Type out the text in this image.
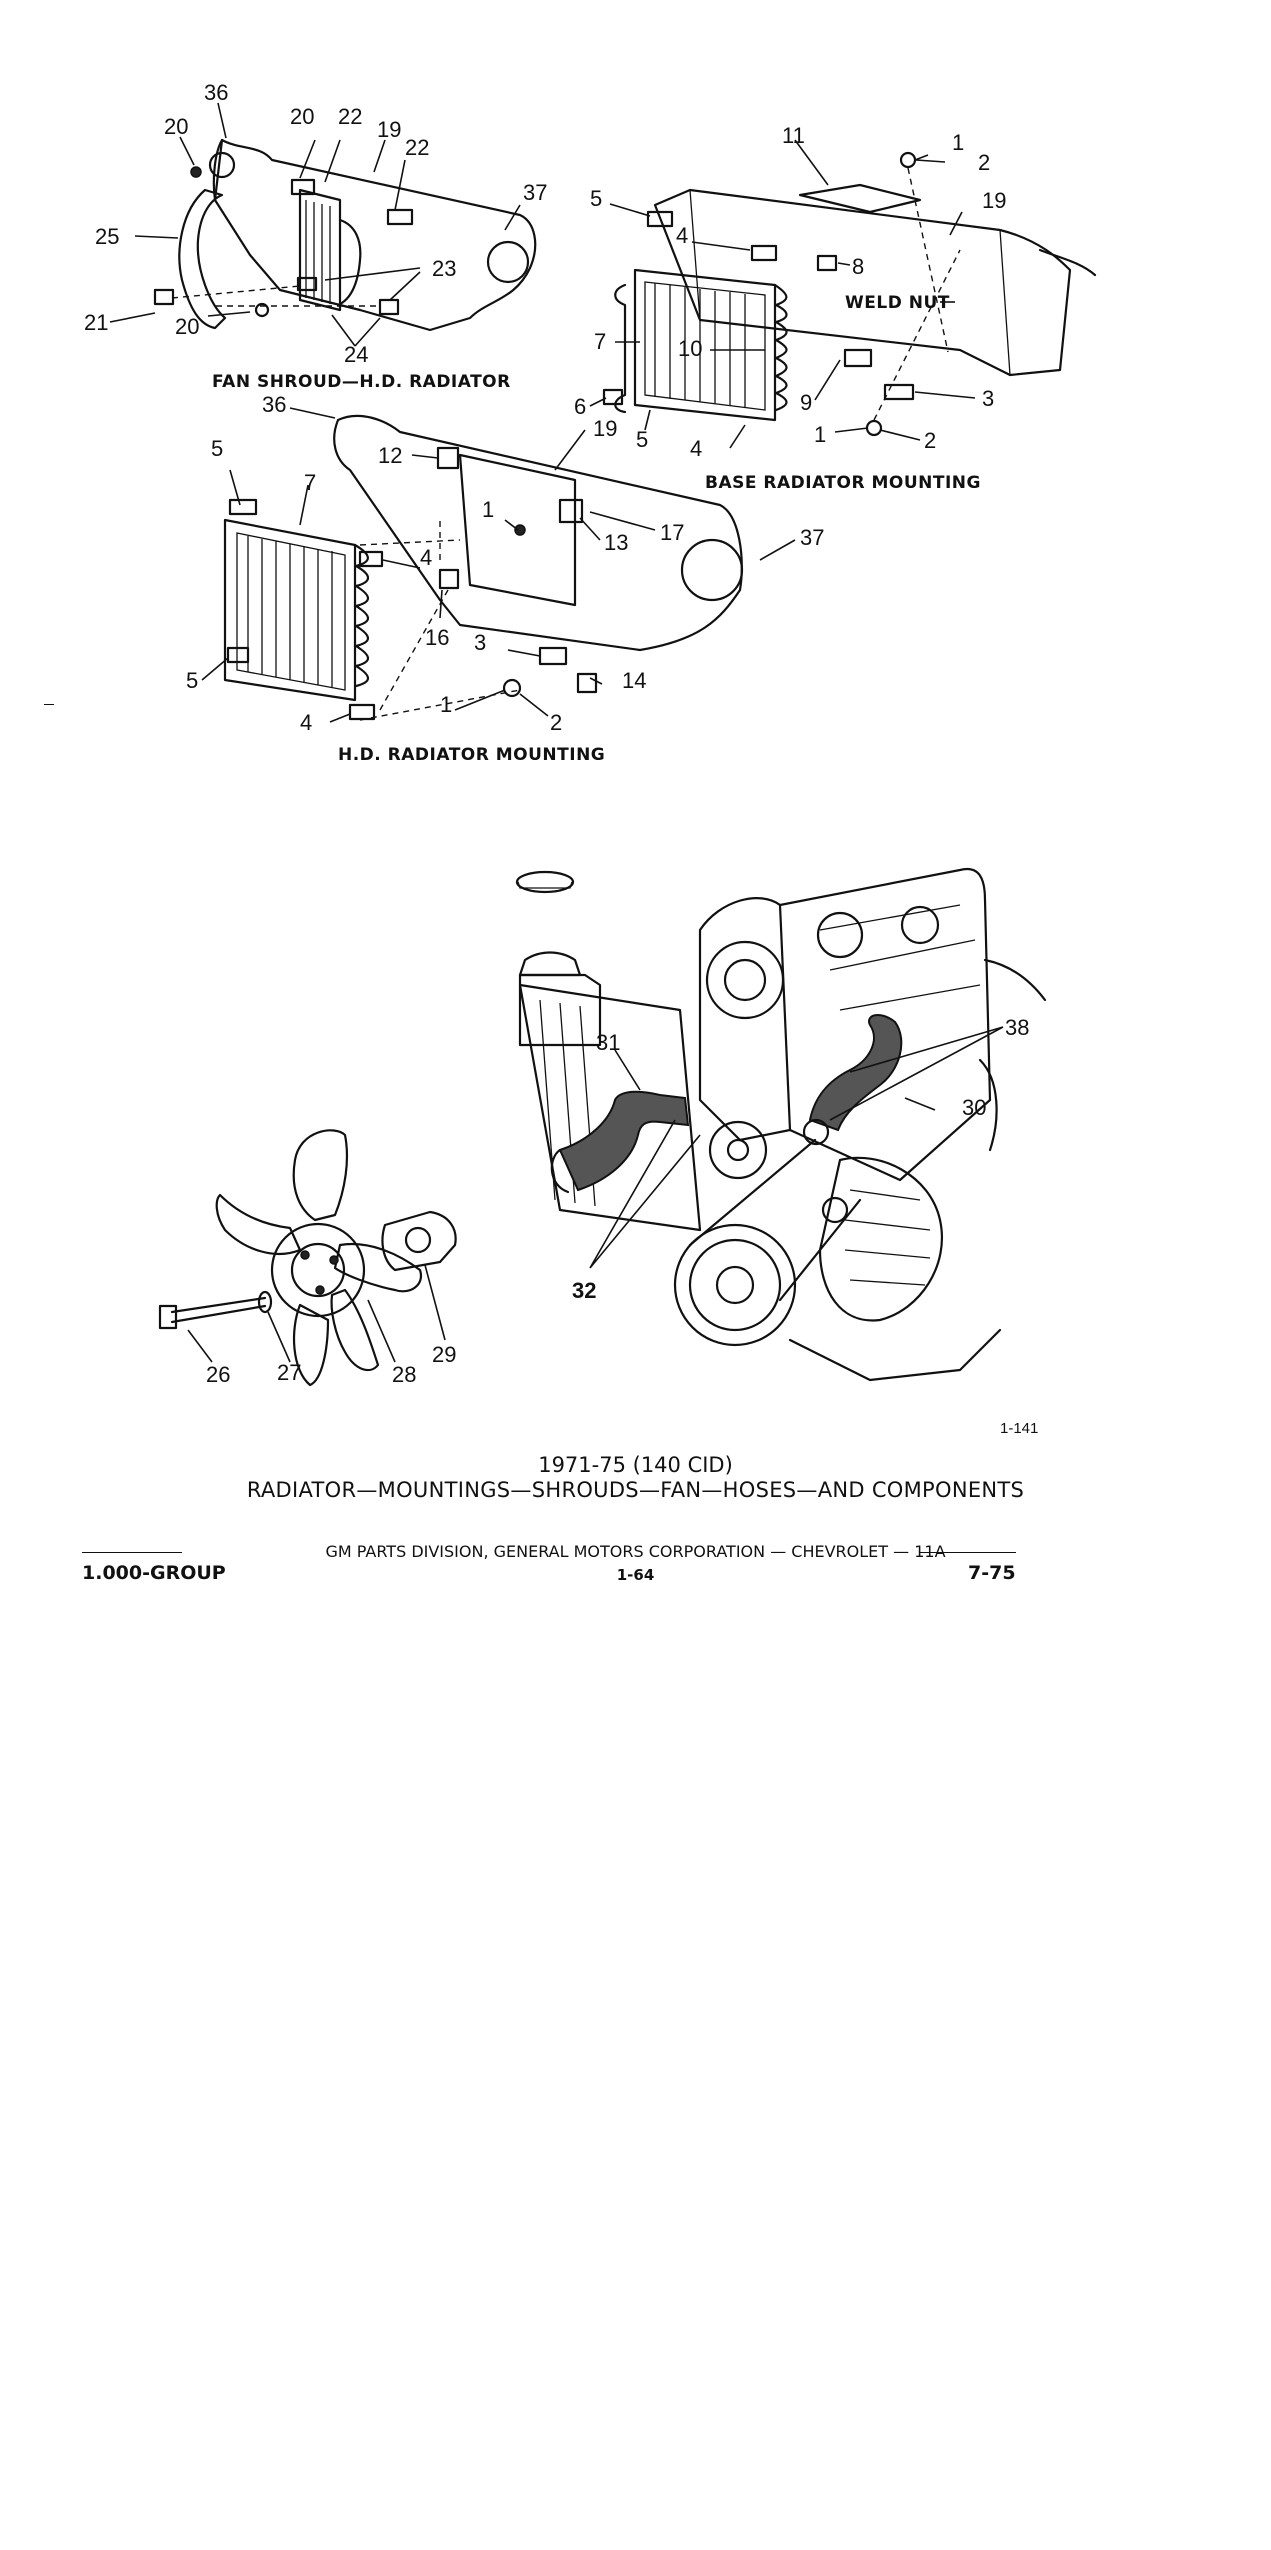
36
20	20 22
19
22
37
25
23
21	20
24
FAN SHROUD—H.D. RADIATOR
11	1
2
5	19
4
8
WELD NUT
7	10
9
6
5 4
3
1	2
BASE RADIATOR MOUNTING
36
19
12
5
7
1
17
4
13	37
16 3
5	14
1
4	2
H.D. RADIATOR MOUNTING
38
31
30
32
29
26 27	28
1-141
1971-75 (140 CID)
RADIATOR—MOUNTINGS—SHROUDS—FAN—HOSES—AND COMPONENTS
GM PARTS DIVISION, GENERAL MOTORS CORPORATION — CHEVROLET — 11A
1.000-GROUP	1-64	7-75
